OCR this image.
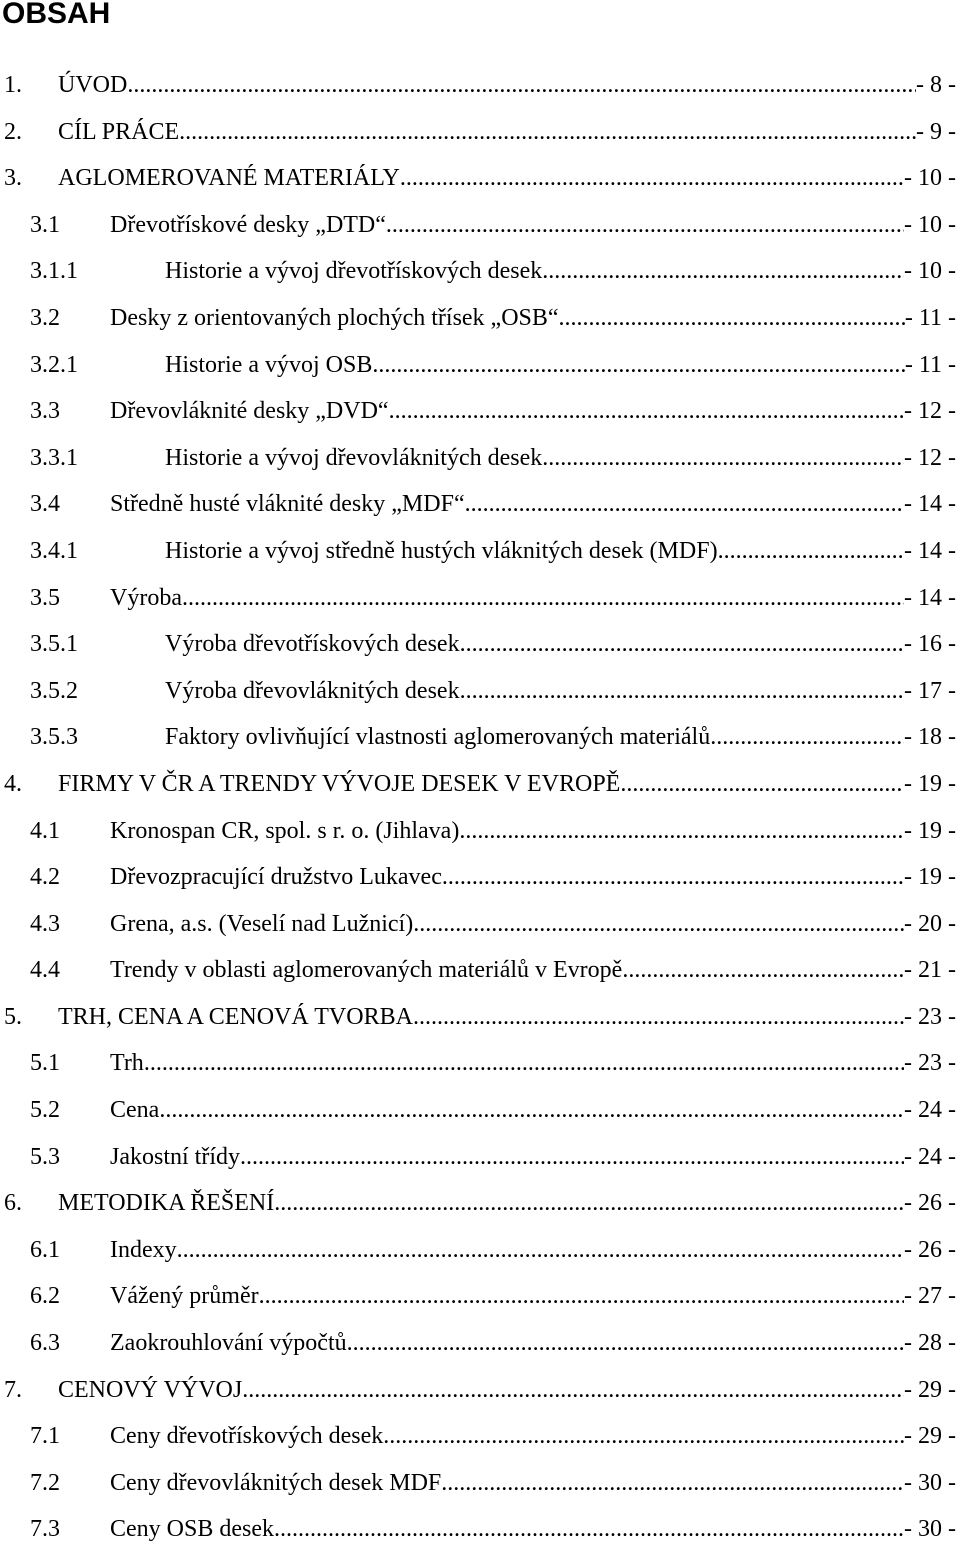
OBSAH
1.	ÚVOD .....	- 8 -
2.	CÍL PRÁCE .....	- 9 -
3.	AGLOMEROVANÉ MATERIÁLY .....	- 10 -
3.1	Dřevotřískové desky „DTD“ .....	- 10 -
3.1.1	Historie a vývoj dřevotřískových desek .....	- 10 -
3.2	Desky z orientovaných plochých třísek „OSB“ .....	- 11 -
3.2.1	Historie a vývoj OSB .....	- 11 -
3.3	Dřevovláknité desky „DVD“ .....	- 12 -
3.3.1	Historie a vývoj dřevovláknitých desek .....	- 12 -
3.4	Středně husté vláknité desky „MDF“ .....	- 14 -
3.4.1	Historie a vývoj středně hustých vláknitých desek (MDF) .....	- 14 -
3.5	Výroba .....	- 14 -
3.5.1	Výroba dřevotřískových desek .....	- 16 -
3.5.2	Výroba dřevovláknitých desek .....	- 17 -
3.5.3	Faktory ovlivňující vlastnosti aglomerovaných materiálů .....	- 18 -
4.	FIRMY V ČR A TRENDY VÝVOJE DESEK V EVROPĚ .....	- 19 -
4.1	Kronospan CR, spol. s r. o. (Jihlava) .....	- 19 -
4.2	Dřevozpracující družstvo Lukavec .....	- 19 -
4.3	Grena, a.s. (Veselí nad Lužnicí) .....	- 20 -
4.4	Trendy v oblasti aglomerovaných materiálů v Evropě .....	- 21 -
5.	TRH, CENA A CENOVÁ TVORBA .....	- 23 -
5.1	Trh .....	- 23 -
5.2	Cena .....	- 24 -
5.3	Jakostní třídy .....	- 24 -
6.	METODIKA ŘEŠENÍ .....	- 26 -
6.1	Indexy .....	- 26 -
6.2	Vážený průměr .....	- 27 -
6.3	Zaokrouhlování výpočtů .....	- 28 -
7.	CENOVÝ VÝVOJ .....	- 29 -
7.1	Ceny dřevotřískových desek .....	- 29 -
7.2	Ceny dřevovláknitých desek MDF .....	- 30 -
7.3	Ceny OSB desek .....	- 30 -
